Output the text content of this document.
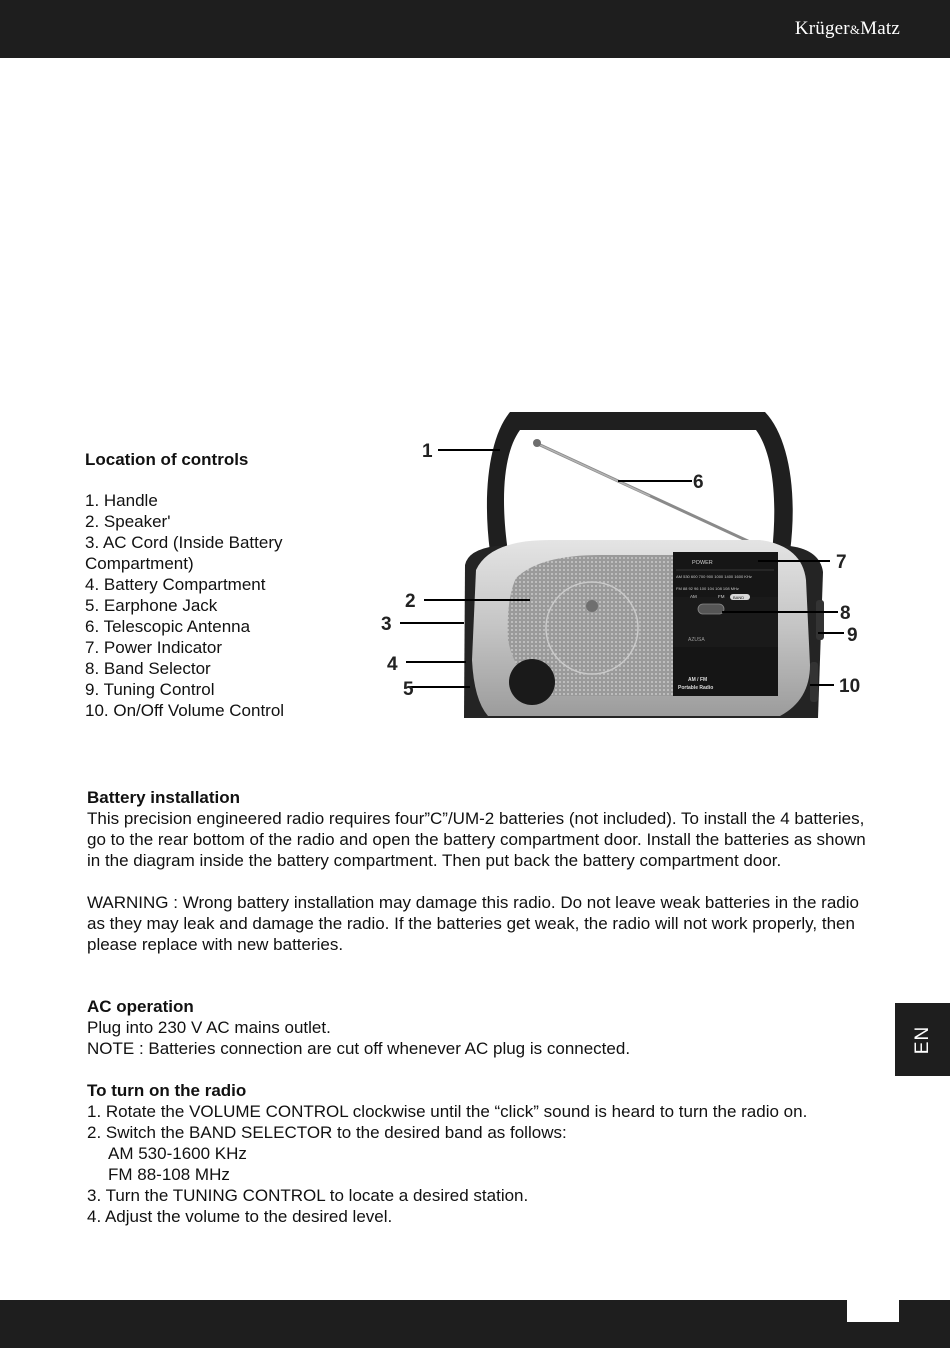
Krüger&Matz
EN
Location of controls
1. Handle
2. Speaker'
3. AC Cord (Inside Battery Compartment)
4. Battery Compartment
5. Earphone Jack
6. Telescopic Antenna
7. Power Indicator
8. Band Selector
9. Tuning Control
10. On/Off Volume Control
POWER
AM 530 600 700 900 1000 1400 1600 KHz
FM 88 92 96 100 104 108 108 MHz
AM	FM BAND
AZUSA
AM / FM
Portable Radio
1
2
3
4
5
6
7
8
9
10
Battery installation

This precision engineered radio requires four”C”/UM-2 batteries (not included). To install the 4 batteries, go to the rear bottom of the radio and open the battery compartment door. Install the batteries as shown in the diagram inside the battery compartment. Then put back the battery compartment door.

WARNING : Wrong battery installation may damage this radio. Do not leave weak batteries in the radio as they may leak and damage the radio. If the batteries get weak, the radio will not work properly, then please replace with new batteries.

AC operation

Plug into 230 V AC mains outlet.

NOTE : Batteries connection are cut off whenever AC plug is connected.

To turn on the radio

1. Rotate the VOLUME CONTROL clockwise until the “click” sound is heard to turn the radio on.

2. Switch the BAND SELECTOR to the desired band as follows:

AM 530-1600 KHz

FM 88-108 MHz

3. Turn the TUNING CONTROL to locate a desired station.

4. Adjust the volume to the desired level.
